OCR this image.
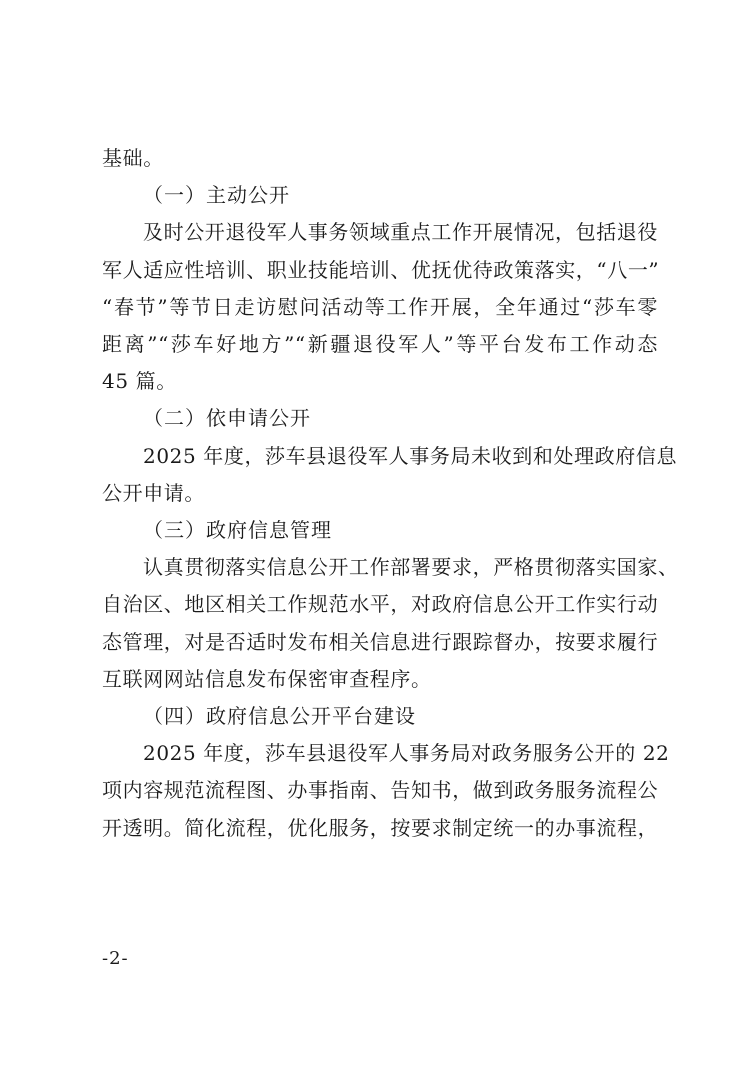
基础。
（一）主动公开
及时公开退役军人事务领域重点工作开展情况，包括退役
军人适应性培训、职业技能培训、优抚优待政策落实，“八一”
“春节”等节日走访慰问活动等工作开展，全年通过“莎车零
距离”“莎车好地方”“新疆退役军人”等平台发布工作动态
45 篇。
（二）依申请公开
2025 年度，莎车县退役军人事务局未收到和处理政府信息
公开申请。
（三）政府信息管理
认真贯彻落实信息公开工作部署要求，严格贯彻落实国家、
自治区、地区相关工作规范水平，对政府信息公开工作实行动
态管理，对是否适时发布相关信息进行跟踪督办，按要求履行
互联网网站信息发布保密审查程序。
（四）政府信息公开平台建设
2025 年度，莎车县退役军人事务局对政务服务公开的 22
项内容规范流程图、办事指南、告知书，做到政务服务流程公
开透明。简化流程，优化服务，按要求制定统一的办事流程，
-2-
